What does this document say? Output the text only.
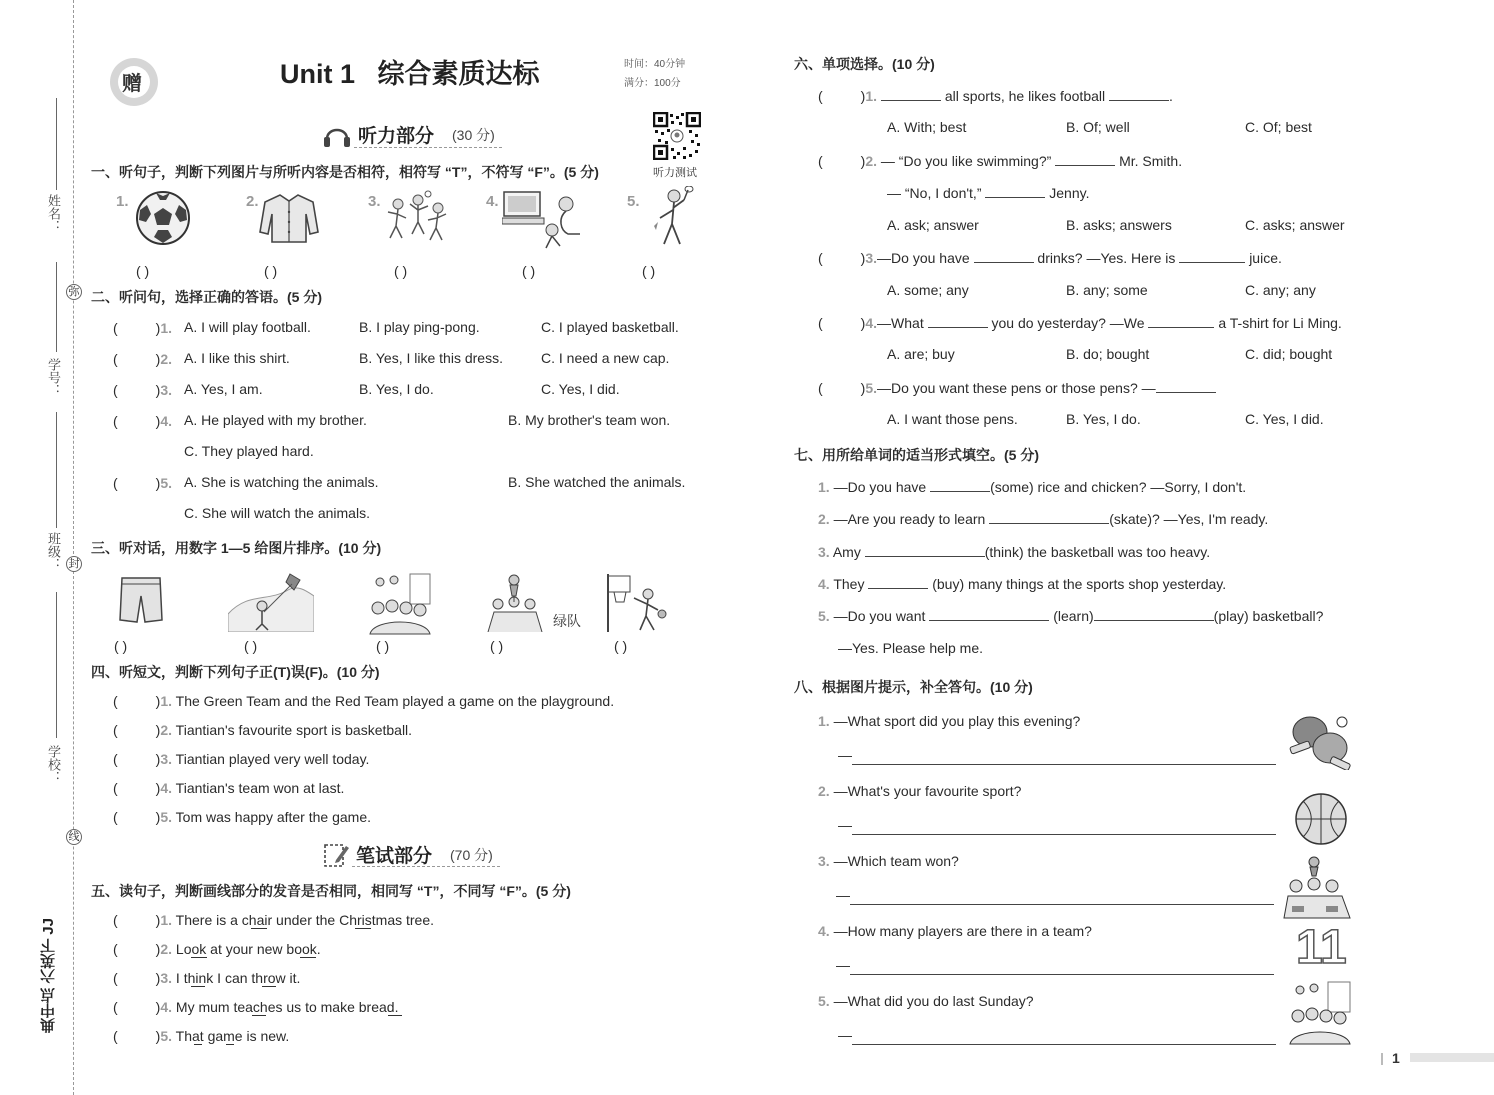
姓名：
学号：
班级：
学校：
弥
封
线
典中点 六英下 JJ
赠	Unit 1   综合素质达标	时间：40分钟
满分：100分
听力测试
听力部分 (30 分)
一、听句子，判断下列图片与所听内容是否相符，相符写 “T”，不符写 “F”。(5 分)
1.	2.	3.	4.	5.
( )	( )	( )	( )	( )
二、听问句，选择正确的答语。(5 分)
(	)1. A. I will play football.	B. I play ping-pong.	C. I played basketball.
(	)2. A. I like this shirt.	B. Yes, I like this dress.	C. I need a new cap.
(	)3. A. Yes, I am.	B. Yes, I do.	C. Yes, I did.
(	)4. A. He played with my brother.	B. My brother's team won.
C. They played hard.
(	)5. A. She is watching the animals.	B. She watched the animals.
C. She will watch the animals.
三、听对话，用数字 1—5 给图片排序。(10 分)
绿队
( )	( )	( )	( )	( )
四、听短文，判断下列句子正(T)误(F)。(10 分)
(	)1. The Green Team and the Red Team played a game on the playground.
(	)2. Tiantian's favourite sport is basketball.
(	)3. Tiantian played very well today.
(	)4. Tiantian's team won at last.
(	)5. Tom was happy after the game.
笔试部分 (70 分)
五、读句子，判断画线部分的发音是否相同，相同写 “T”，不同写 “F”。(5 分)
(	)1. There is a chair under the Christmas tree.
(	)2. Look at your new book.
(	)3. I think I can throw it.
(	)4. My mum teaches us to make bread.
(	)5. That game is new.
六、单项选择。(10 分)
(	)1.	all sports, he likes football	.
A. With; best	B. Of; well	C. Of; best
(	)2. — “Do you like swimming?”	Mr. Smith.
— “No, I don't,”	Jenny.
A. ask; answer	B. asks; answers	C. asks; answer
(	)3.—Do you have	drinks? —Yes. Here is	juice.
A. some; any	B. any; some	C. any; any
(	)4.—What	you do yesterday? —We	a T-shirt for Li Ming.
A. are; buy	B. do; bought	C. did; bought
(	)5.—Do you want these pens or those pens? —
A. I want those pens.	B. Yes, I do.	C. Yes, I did.
七、用所给单词的适当形式填空。(5 分)
1. —Do you have	(some) rice and chicken? —Sorry, I don't.
2. —Are you ready to learn	(skate)? —Yes, I'm ready.
3. Amy	(think) the basketball was too heavy.
4. They	(buy) many things at the sports shop yesterday.
5. —Do you want	(learn)	(play) basketball?
—Yes. Please help me.
八、根据图片提示，补全答句。(10 分)
1. —What sport did you play this evening?
—
2. —What's your favourite sport?
—
3. —Which team won?
—
4. —How many players are there in a team?
—
5. —What did you do last Sunday?
—
11
1
